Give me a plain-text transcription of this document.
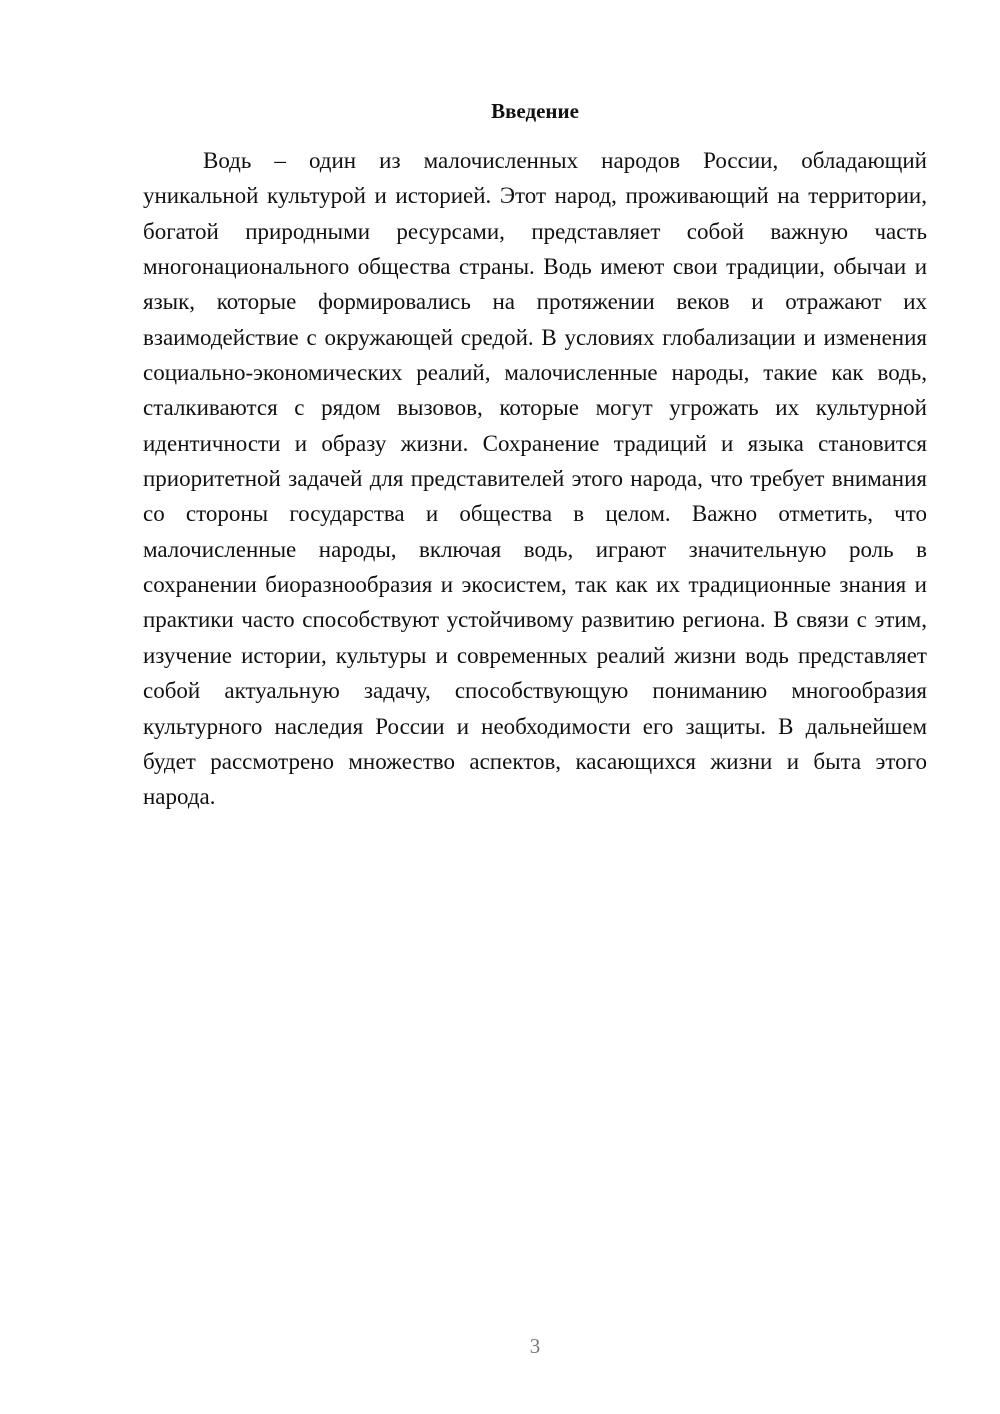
Введение

Водь – один из малочисленных народов России, обладающий уникальной культурой и историей. Этот народ, проживающий на территории, богатой природными ресурсами, представляет собой важную часть многонационального общества страны. Водь имеют свои традиции, обычаи и язык, которые формировались на протяжении веков и отражают их взаимодействие с окружающей средой. В условиях глобализации и изменения социально-экономических реалий, малочисленные народы, такие как водь, сталкиваются с рядом вызовов, которые могут угрожать их культурной идентичности и образу жизни. Сохранение традиций и языка становится приоритетной задачей для представителей этого народа, что требует внимания со стороны государства и общества в целом. Важно отметить, что малочисленные народы, включая водь, играют значительную роль в сохранении биоразнообразия и экосистем, так как их традиционные знания и практики часто способствуют устойчивому развитию региона. В связи с этим, изучение истории, культуры и современных реалий жизни водь представляет собой актуальную задачу, способствующую пониманию многообразия культурного наследия России и необходимости его защиты. В дальнейшем будет рассмотрено множество аспектов, касающихся жизни и быта этого народа.

3
